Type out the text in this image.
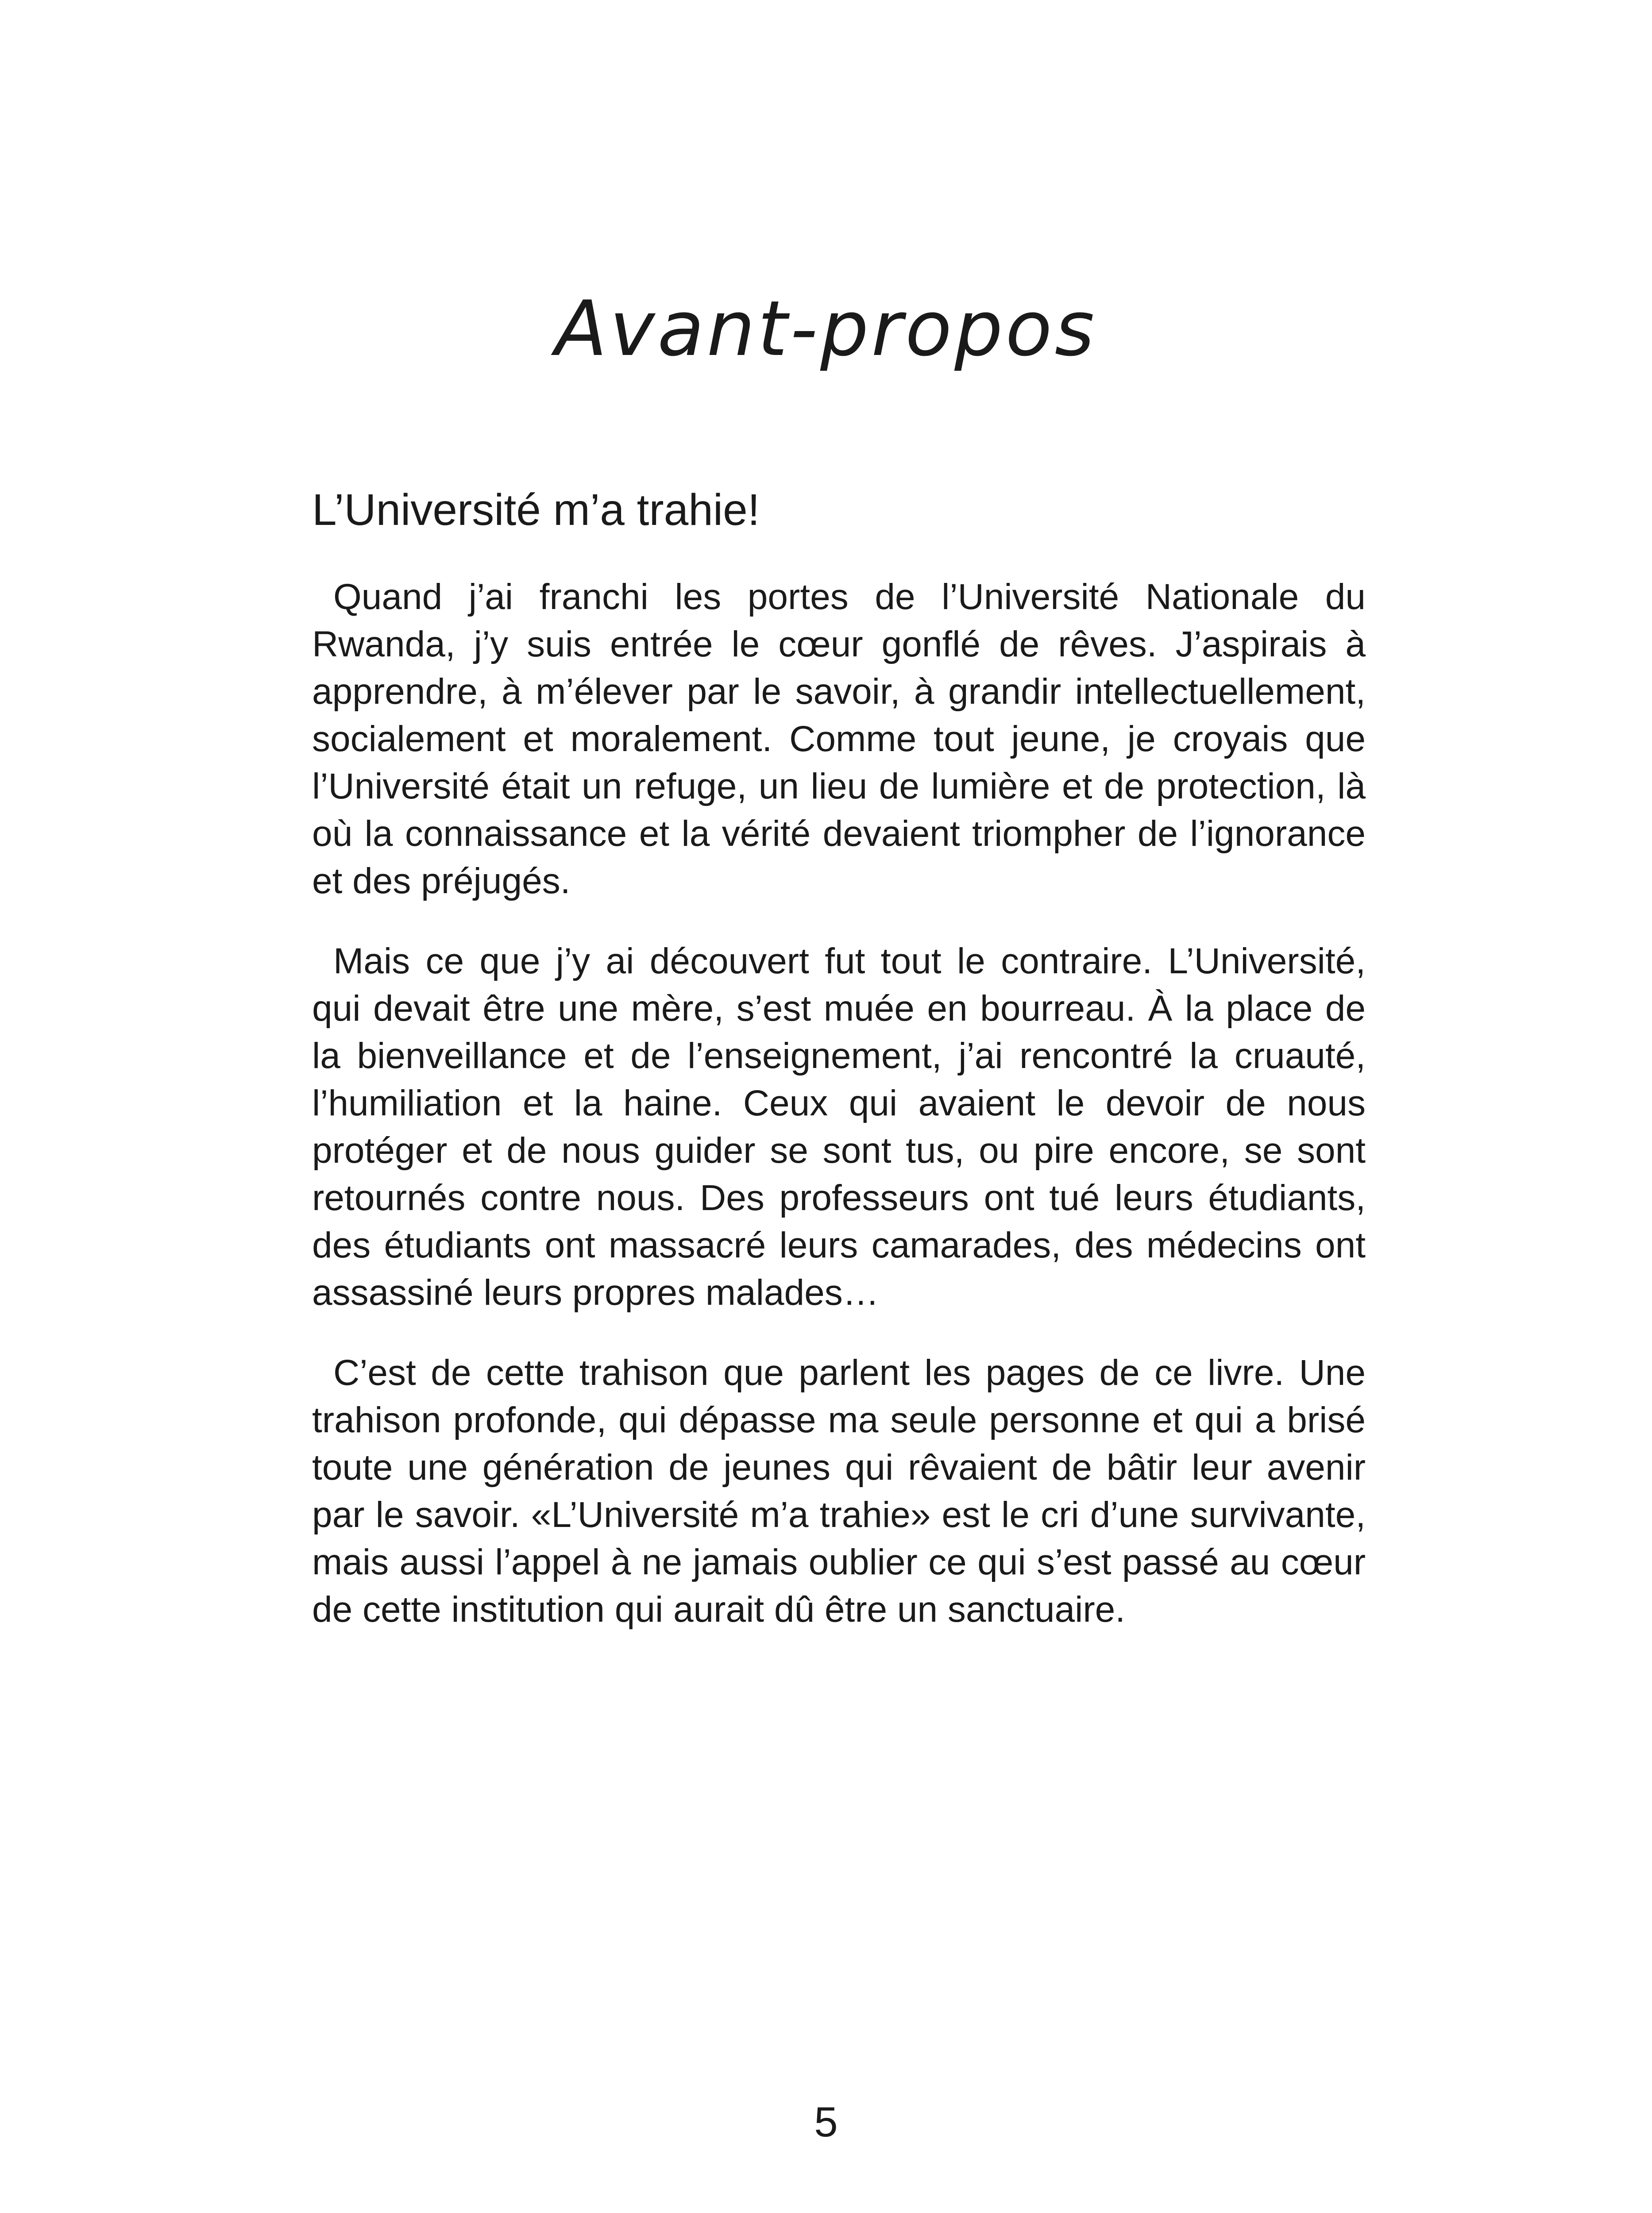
Avant-propos
L’Université m’a trahie!

Quand j’ai franchi les portes de l’Université Nationale du Rwanda, j’y suis entrée le cœur gonflé de rêves. J’aspirais à apprendre, à m’élever par le savoir, à grandir intellectuellement, socialement et moralement. Comme tout jeune, je croyais que l’Université était un refuge, un lieu de lumière et de protection, là où la connaissance et la vérité devaient triompher de l’ignorance et des préjugés.

Mais ce que j’y ai découvert fut tout le contraire. L’Université, qui devait être une mère, s’est muée en bourreau. À la place de la bienveillance et de l’enseignement, j’ai rencontré la cruauté, l’humiliation et la haine. Ceux qui avaient le devoir de nous protéger et de nous guider se sont tus, ou pire encore, se sont retournés contre nous. Des professeurs ont tué leurs étudiants, des étudiants ont massacré leurs camarades, des médecins ont assassiné leurs propres malades…

C’est de cette trahison que parlent les pages de ce livre. Une trahison profonde, qui dépasse ma seule personne et qui a brisé toute une génération de jeunes qui rêvaient de bâtir leur avenir par le savoir. «L’Université m’a trahie» est le cri d’une survivante, mais aussi l’appel à ne jamais oublier ce qui s’est passé au cœur de cette institution qui aurait dû être un sanctuaire.

5
